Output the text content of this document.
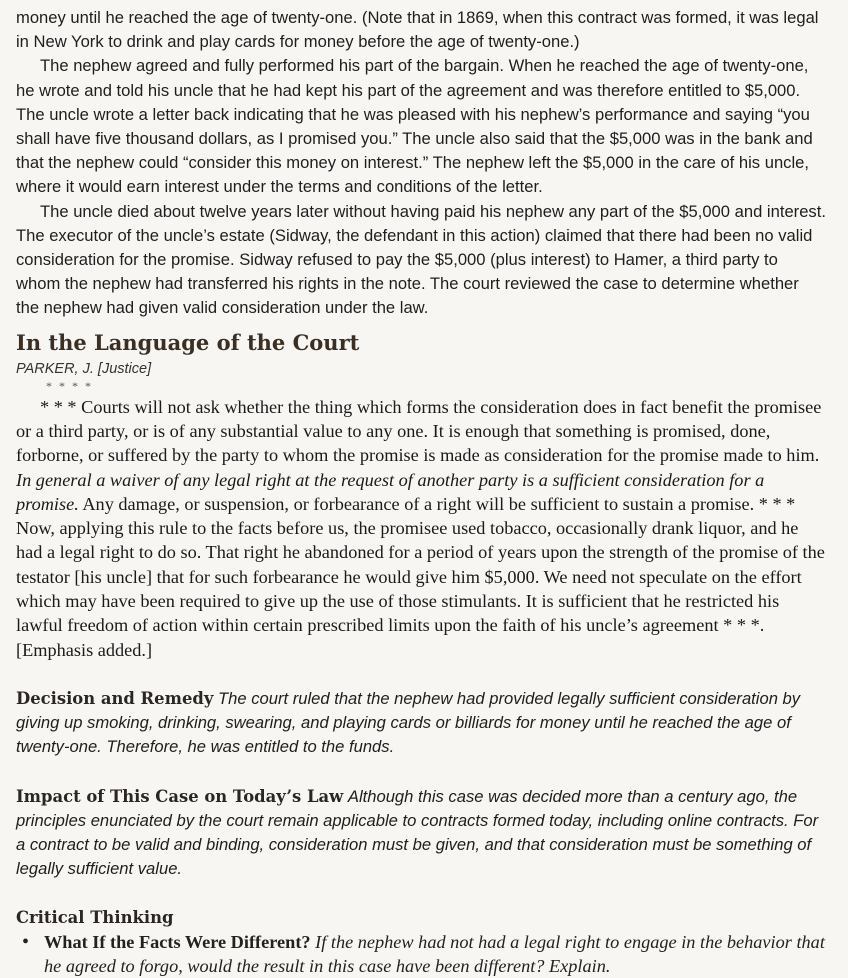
money until he reached the age of twenty-one. (Note that in 1869, when this contract was formed, it was legal in New York to drink and play cards for money before the age of twenty-one.)

The nephew agreed and fully performed his part of the bargain. When he reached the age of twenty-one, he wrote and told his uncle that he had kept his part of the agreement and was therefore entitled to $5,000. The uncle wrote a letter back indicating that he was pleased with his nephew’s performance and saying “you shall have five thousand dollars, as I promised you.” The uncle also said that the $5,000 was in the bank and that the nephew could “consider this money on interest.” The nephew left the $5,000 in the care of his uncle, where it would earn interest under the terms and conditions of the letter.

The uncle died about twelve years later without having paid his nephew any part of the $5,000 and interest. The executor of the uncle’s estate (Sidway, the defendant in this action) claimed that there had been no valid consideration for the promise. Sidway refused to pay the $5,000 (plus interest) to Hamer, a third party to whom the nephew had transferred his rights in the note. The court reviewed the case to determine whether the nephew had given valid consideration under the law.

In the Language of the Court
PARKER, J. [Justice]
* * * *

* * * Courts will not ask whether the thing which forms the consideration does in fact benefit the promisee or a third party, or is of any substantial value to any one. It is enough that something is promised, done, forborne, or suffered by the party to whom the promise is made as consideration for the promise made to him. In general a waiver of any legal right at the request of another party is a sufficient consideration for a promise. Any damage, or suspension, or forbearance of a right will be sufficient to sustain a promise. * * * Now, applying this rule to the facts before us, the promisee used tobacco, occasionally drank liquor, and he had a legal right to do so. That right he abandoned for a period of years upon the strength of the promise of the testator [his uncle] that for such forbearance he would give him $5,000. We need not speculate on the effort which may have been required to give up the use of those stimulants. It is sufficient that he restricted his lawful freedom of action within certain prescribed limits upon the faith of his uncle’s agreement * * *. [Emphasis added.]

Decision and Remedy The court ruled that the nephew had provided legally sufficient consideration by giving up smoking, drinking, swearing, and playing cards or billiards for money until he reached the age of twenty-one. Therefore, he was entitled to the funds.

Impact of This Case on Today’s Law Although this case was decided more than a century ago, the principles enunciated by the court remain applicable to contracts formed today, including online contracts. For a contract to be valid and binding, consideration must be given, and that consideration must be something of legally sufficient value.

Critical Thinking
• What If the Facts Were Different? If the nephew had not had a legal right to engage in the behavior that he agreed to forgo, would the result in this case have been different? Explain.
